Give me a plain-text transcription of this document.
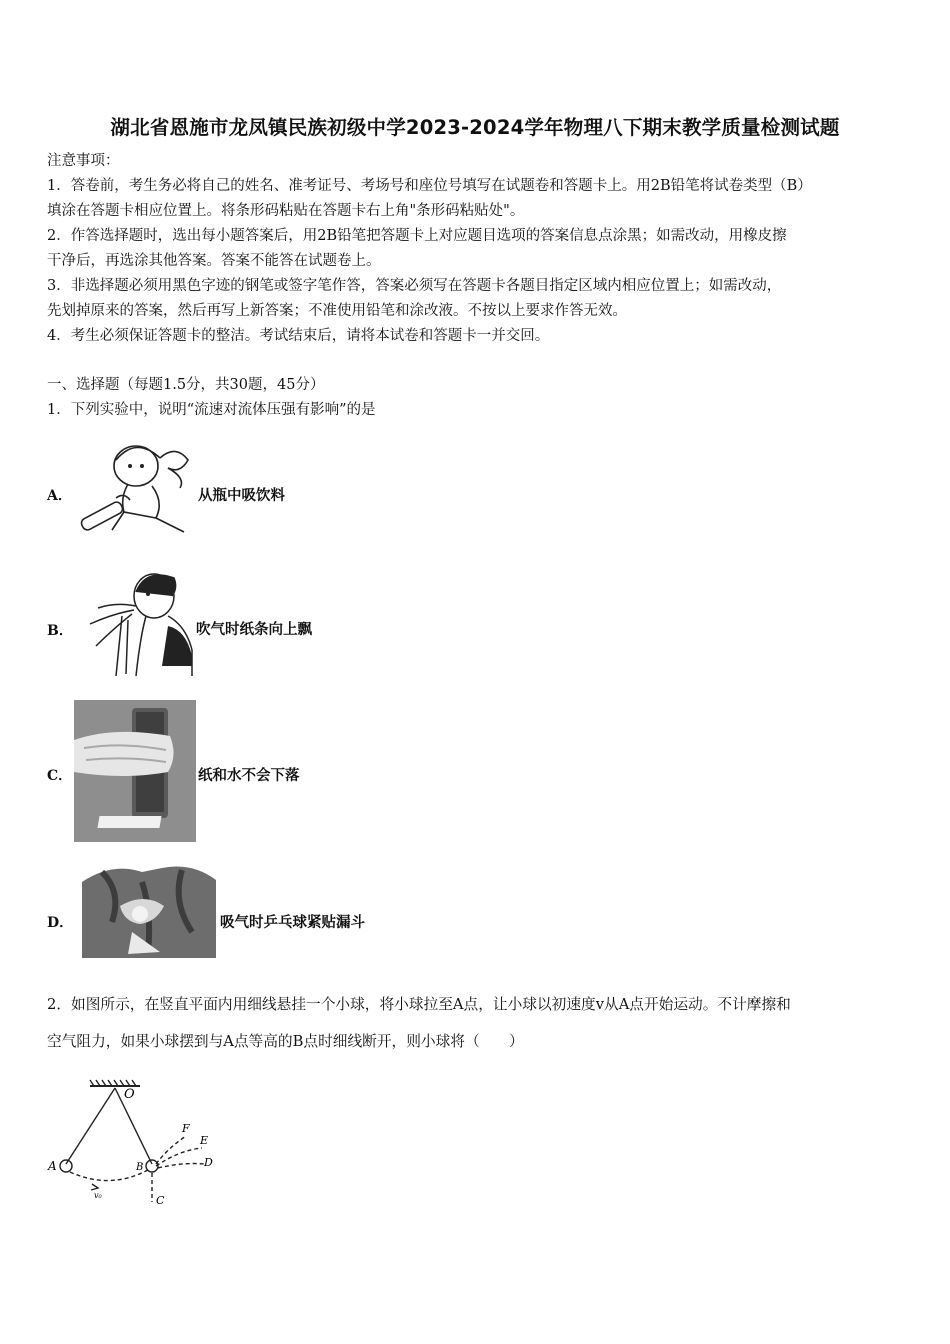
湖北省恩施市龙凤镇民族初级中学2023-2024学年物理八下期末教学质量检测试题
注意事项：
1．答卷前，考生务必将自己的姓名、准考证号、考场号和座位号填写在试题卷和答题卡上。用2B铅笔将试卷类型（B）
填涂在答题卡相应位置上。将条形码粘贴在答题卡右上角"条形码粘贴处"。
2．作答选择题时，选出每小题答案后，用2B铅笔把答题卡上对应题目选项的答案信息点涂黑；如需改动，用橡皮擦
干净后，再选涂其他答案。答案不能答在试题卷上。
3．非选择题必须用黑色字迹的钢笔或签字笔作答，答案必须写在答题卡各题目指定区域内相应位置上；如需改动，
先划掉原来的答案，然后再写上新答案；不准使用铅笔和涂改液。不按以上要求作答无效。
4．考生必须保证答题卡的整洁。考试结束后，请将本试卷和答题卡一并交回。
一、选择题（每题1.5分，共30题，45分）
1．下列实验中，说明“流速对流体压强有影响”的是
A．	从瓶中吸饮料
B．	吹气时纸条向上飘
C．	纸和水不会下落
D．	吸气时乒乓球紧贴漏斗
2．如图所示，在竖直平面内用细线悬挂一个小球，将小球拉至A点，让小球以初速度v从A点开始运动。不计摩擦和
空气阻力，如果小球摆到与A点等高的B点时细线断开，则小球将（　　）
O
A	B
C
D
E
F
v₀
